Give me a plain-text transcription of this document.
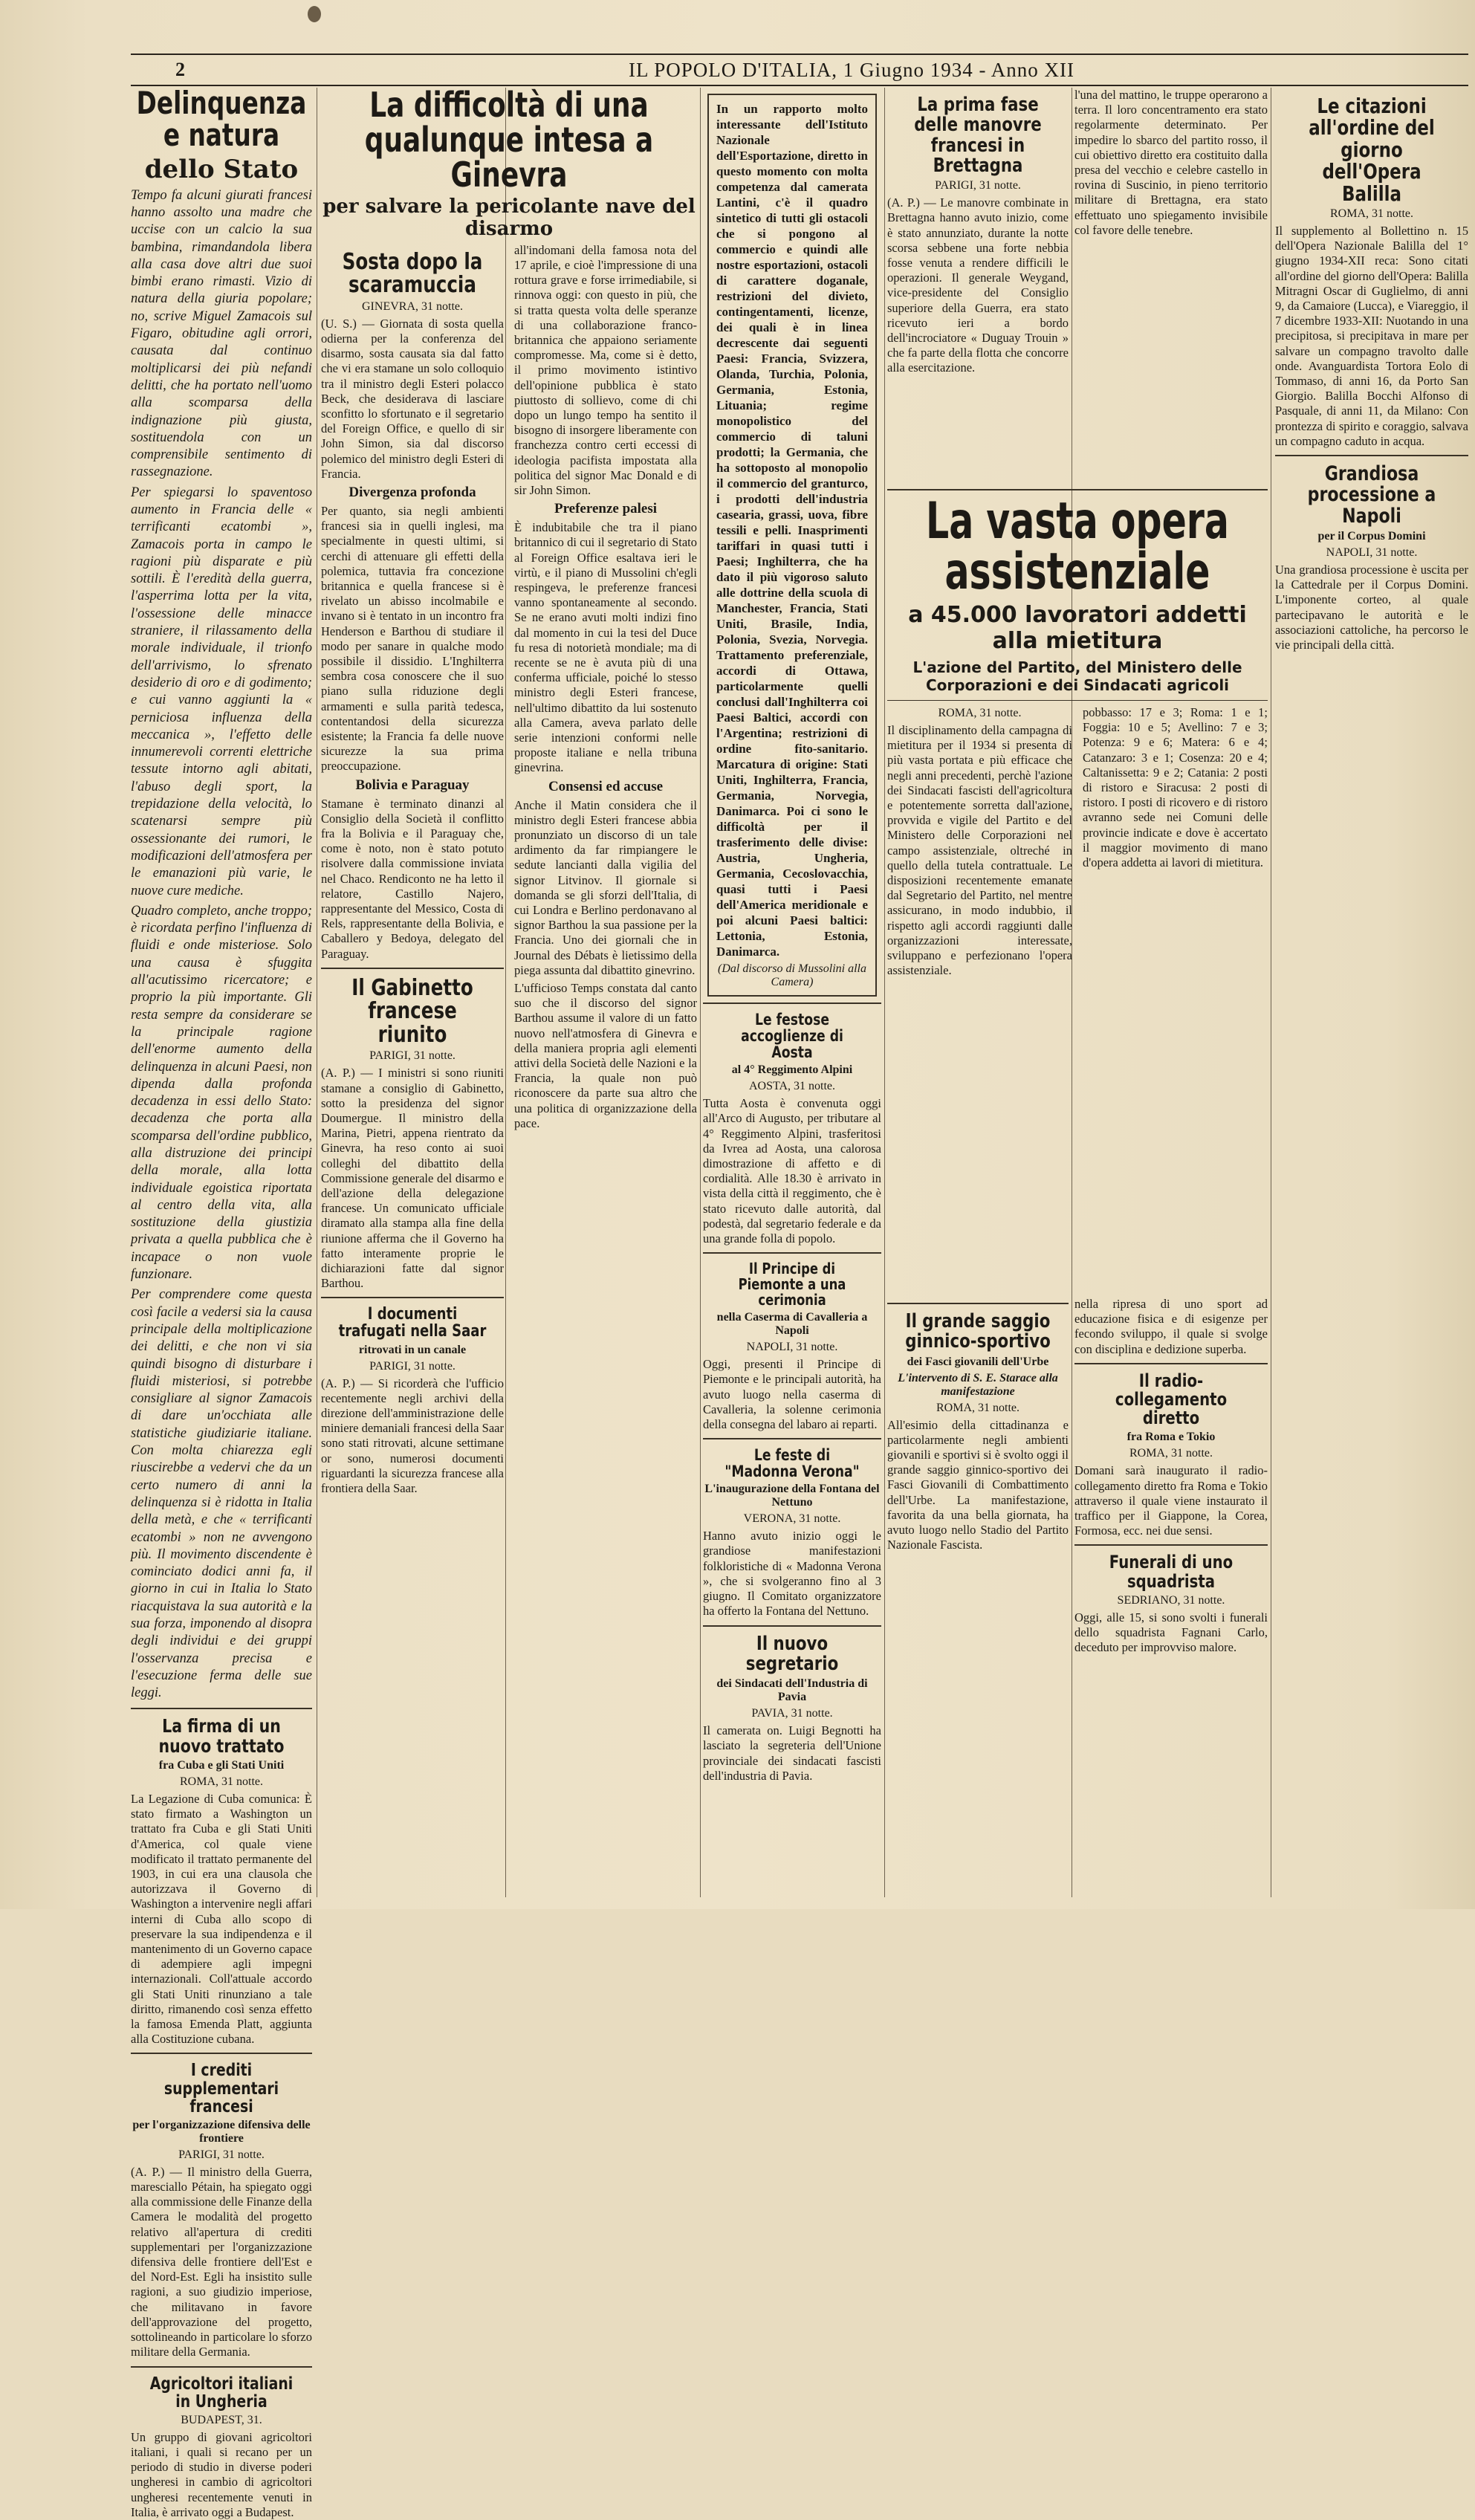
2	IL POPOLO D'ITALIA, 1 Giugno 1934 - Anno XII
Delinquenza e natura
dello Stato

Tempo fa alcuni giurati francesi hanno assolto una madre che uccise con un calcio la sua bambina, rimandandola libera alla casa dove altri due suoi bimbi erano rimasti. Vizio di natura della giuria popolare; no, scrive Miguel Zamacois sul Figaro, obitudine agli orrori, causata dal continuo moltiplicarsi dei più nefandi delitti, che ha portato nell'uomo alla scomparsa della indignazione più giusta, sostituendola con un comprensibile sentimento di rassegnazione.

Per spiegarsi lo spaventoso aumento in Francia delle « terrificanti ecatombi », Zamacois porta in campo le ragioni più disparate e più sottili. È l'eredità della guerra, l'asperrima lotta per la vita, l'ossessione delle minacce straniere, il rilassamento della morale individuale, il trionfo dell'arrivismo, lo sfrenato desiderio di oro e di godimento; e cui vanno aggiunti la « perniciosa influenza della meccanica », l'effetto delle innumerevoli correnti elettriche tessute intorno agli abitati, l'abuso degli sport, la trepidazione della velocità, lo scatenarsi sempre più ossessionante dei rumori, le modificazioni dell'atmosfera per le emanazioni più varie, le nuove cure mediche.

Quadro completo, anche troppo; è ricordata perfino l'influenza di fluidi e onde misteriose. Solo una causa è sfuggita all'acutissimo ricercatore; e proprio la più importante. Gli resta sempre da considerare se la principale ragione dell'enorme aumento della delinquenza in alcuni Paesi, non dipenda dalla profonda decadenza in essi dello Stato: decadenza che porta alla scomparsa dell'ordine pubblico, alla distruzione dei principi della morale, alla lotta individuale egoistica riportata al centro della vita, alla sostituzione della giustizia privata a quella pubblica che è incapace o non vuole funzionare.

Per comprendere come questa così facile a vedersi sia la causa principale della moltiplicazione dei delitti, e che non vi sia quindi bisogno di disturbare i fluidi misteriosi, si potrebbe consigliare al signor Zamacois di dare un'occhiata alle statistiche giudiziarie italiane. Con molta chiarezza egli riuscirebbe a vedervi che da un certo numero di anni la delinquenza si è ridotta in Italia della metà, e che « terrificanti ecatombi » non ne avvengono più. Il movimento discendente è cominciato dodici anni fa, il giorno in cui in Italia lo Stato riacquistava la sua autorità e la sua forza, imponendo al disopra degli individui e dei gruppi l'osservanza precisa e l'esecuzione ferma delle sue leggi.

La firma di un nuovo trattato
fra Cuba e gli Stati Uniti
ROMA, 31 notte.

La Legazione di Cuba comunica: È stato firmato a Washington un trattato fra Cuba e gli Stati Uniti d'America, col quale viene modificato il trattato permanente del 1903, in cui era una clausola che autorizzava il Governo di Washington a intervenire negli affari interni di Cuba allo scopo di preservare la sua indipendenza e il mantenimento di un Governo capace di adempiere agli impegni internazionali. Coll'attuale accordo gli Stati Uniti rinunziano a tale diritto, rimanendo così senza effetto la famosa Emenda Platt, aggiunta alla Costituzione cubana.

I crediti supplementari francesi
per l'organizzazione difensiva delle frontiere
PARIGI, 31 notte.

(A. P.) — Il ministro della Guerra, maresciallo Pétain, ha spiegato oggi alla commissione delle Finanze della Camera le modalità del progetto relativo all'apertura di crediti supplementari per l'organizzazione difensiva delle frontiere dell'Est e del Nord-Est. Egli ha insistito sulle ragioni, a suo giudizio imperiose, che militavano in favore dell'approvazione del progetto, sottolineando in particolare lo sforzo militare della Germania.

Agricoltori italiani in Ungheria
BUDAPEST, 31.

Un gruppo di giovani agricoltori italiani, i quali si recano per un periodo di studio in diverse poderi ungheresi in cambio di agricoltori ungheresi recentemente venuti in Italia, è arrivato oggi a Budapest.

La difficoltà di una qualunque intesa a Ginevra
per salvare la pericolante nave del disarmo
Sosta dopo la scaramuccia
GINEVRA, 31 notte.

(U. S.) — Giornata di sosta quella odierna per la conferenza del disarmo, sosta causata sia dal fatto che vi era stamane un solo colloquio tra il ministro degli Esteri polacco Beck, che desiderava di lasciare sconfitto lo sfortunato e il segretario del Foreign Office, e quello di sir John Simon, sia dal discorso polemico del ministro degli Esteri di Francia.

Divergenza profonda

Per quanto, sia negli ambienti francesi sia in quelli inglesi, ma specialmente in questi ultimi, si cerchi di attenuare gli effetti della polemica, tuttavia fra concezione britannica e quella francese si è rivelato un abisso incolmabile e invano si è tentato in un incontro fra Henderson e Barthou di studiare il modo per sanare in qualche modo possibile il dissidio. L'Inghilterra sembra cosa conoscere che il suo piano sulla riduzione degli armamenti e sulla parità tedesca, contentandosi della sicurezza esistente; la Francia fa delle nuove sicurezze la sua prima preoccupazione.

Bolivia e Paraguay

Stamane è terminato dinanzi al Consiglio della Società il conflitto fra la Bolivia e il Paraguay che, come è noto, non è stato potuto risolvere dalla commissione inviata nel Chaco. Rendiconto ne ha letto il relatore, Castillo Najero, rappresentante del Messico, Costa di Rels, rappresentante della Bolivia, e Caballero y Bedoya, delegato del Paraguay.

Il Gabinetto francese riunito
PARIGI, 31 notte.

(A. P.) — I ministri si sono riuniti stamane a consiglio di Gabinetto, sotto la presidenza del signor Doumergue. Il ministro della Marina, Pietri, appena rientrato da Ginevra, ha reso conto ai suoi colleghi del dibattito della Commissione generale del disarmo e dell'azione della delegazione francese. Un comunicato ufficiale diramato alla stampa alla fine della riunione afferma che il Governo ha fatto interamente proprie le dichiarazioni fatte dal signor Barthou.

I documenti trafugati nella Saar
ritrovati in un canale
PARIGI, 31 notte.

(A. P.) — Si ricorderà che l'ufficio recentemente negli archivi della direzione dell'amministrazione delle miniere demaniali francesi della Saar sono stati ritrovati, alcune settimane or sono, numerosi documenti riguardanti la sicurezza francese alla frontiera della Saar.

all'indomani della famosa nota del 17 aprile, e cioè l'impressione di una rottura grave e forse irrimediabile, si rinnova oggi: con questo in più, che si tratta questa volta delle speranze di una collaborazione franco-britannica che appaiono seriamente compromesse. Ma, come si è detto, il primo movimento istintivo dell'opinione pubblica è stato piuttosto di sollievo, come di chi dopo un lungo tempo ha sentito il bisogno di insorgere liberamente con franchezza contro certi eccessi di ideologia pacifista impostata alla politica del signor Mac Donald e di sir John Simon.

Preferenze palesi

È indubitabile che tra il piano britannico di cui il segretario di Stato al Foreign Office esaltava ieri le virtù, e il piano di Mussolini ch'egli respingeva, le preferenze francesi vanno spontaneamente al secondo. Se ne erano avuti molti indizi fino dal momento in cui la tesi del Duce fu resa di notorietà mondiale; ma di recente se ne è avuta più di una conferma ufficiale, poiché lo stesso ministro degli Esteri francese, nell'ultimo dibattito da lui sostenuto alla Camera, aveva parlato delle serie intenzioni conformi nelle proposte italiane e nella tribuna ginevrina.

Consensi ed accuse

Anche il Matin considera che il ministro degli Esteri francese abbia pronunziato un discorso di un tale ardimento da far rimpiangere le sedute lancianti dalla vigilia del signor Litvinov. Il giornale si domanda se gli sforzi dell'Italia, di cui Londra e Berlino perdonavano al signor Barthou la sua passione per la Francia. Uno dei giornali che in Journal des Débats è lietissimo della piega assunta dal dibattito ginevrino.

L'ufficioso Temps constata dal canto suo che il discorso del signor Barthou assume il valore di un fatto nuovo nell'atmosfera di Ginevra e della maniera propria agli elementi attivi della Società delle Nazioni e la Francia, la quale non può riconoscere da parte sua altro che una politica di organizzazione della pace.

In un rapporto molto interessante dell'Istituto Nazionale dell'Esportazione, diretto in questo momento con molta competenza dal camerata Lantini, c'è il quadro sintetico di tutti gli ostacoli che si pongono al commercio e quindi alle nostre esportazioni, ostacoli di carattere doganale, restrizioni del divieto, contingentamenti, licenze, dei quali è in linea decrescente dai seguenti Paesi: Francia, Svizzera, Olanda, Turchia, Polonia, Germania, Estonia, Lituania; regime monopolistico del commercio di taluni prodotti; la Germania, che ha sottoposto al monopolio il commercio del granturco, i prodotti dell'industria casearia, grassi, uova, fibre tessili e pelli. Inasprimenti tariffari in quasi tutti i Paesi; Inghilterra, che ha dato il più vigoroso saluto alle dottrine della scuola di Manchester, Francia, Stati Uniti, Brasile, India, Polonia, Svezia, Norvegia. Trattamento preferenziale, accordi di Ottawa, particolarmente quelli conclusi dall'Inghilterra coi Paesi Baltici, accordi con l'Argentina; restrizioni di ordine fito-sanitario. Marcatura di origine: Stati Uniti, Inghilterra, Francia, Germania, Norvegia, Danimarca. Poi ci sono le difficoltà per il trasferimento delle divise: Austria, Ungheria, Germania, Cecoslovacchia, quasi tutti i Paesi dell'America meridionale e poi alcuni Paesi baltici: Lettonia, Estonia, Danimarca.

(Dal discorso di Mussolini alla Camera)
Le festose accoglienze di Aosta
al 4° Reggimento Alpini
AOSTA, 31 notte.

Tutta Aosta è convenuta oggi all'Arco di Augusto, per tributare al 4° Reggimento Alpini, trasferitosi da Ivrea ad Aosta, una calorosa dimostrazione di affetto e di cordialità. Alle 18.30 è arrivato in vista della città il reggimento, che è stato ricevuto dalle autorità, dal podestà, dal segretario federale e da una grande folla di popolo.

Il Principe di Piemonte a una cerimonia
nella Caserma di Cavalleria a Napoli
NAPOLI, 31 notte.

Oggi, presenti il Principe di Piemonte e le principali autorità, ha avuto luogo nella caserma di Cavalleria, la solenne cerimonia della consegna del labaro ai reparti.

Le feste di "Madonna Verona"
L'inaugurazione della Fontana del Nettuno
VERONA, 31 notte.

Hanno avuto inizio oggi le grandiose manifestazioni folkloristiche di « Madonna Verona », che si svolgeranno fino al 3 giugno. Il Comitato organizzatore ha offerto la Fontana del Nettuno.

Il nuovo segretario
dei Sindacati dell'Industria di Pavia
PAVIA, 31 notte.

Il camerata on. Luigi Begnotti ha lasciato la segreteria dell'Unione provinciale dei sindacati fascisti dell'industria di Pavia.

La prima fase delle manovre francesi in Brettagna
PARIGI, 31 notte.

(A. P.) — Le manovre combinate in Brettagna hanno avuto inizio, come è stato annunziato, durante la notte scorsa sebbene una forte nebbia fosse venuta a rendere difficili le operazioni. Il generale Weygand, vice-presidente del Consiglio superiore della Guerra, era stato ricevuto ieri a bordo dell'incrociatore « Duguay Trouin » che fa parte della flotta che concorre alla esercitazione.

l'una del mattino, le truppe operarono a terra. Il loro concentramento era stato regolarmente determinato. Per impedire lo sbarco del partito rosso, il cui obiettivo diretto era costituito dalla presa del vecchio e celebre castello in rovina di Suscinio, in pieno territorio militare di Brettagna, era stato effettuato uno spiegamento invisibile col favore delle tenebre.

La vasta opera assistenziale
a 45.000 lavoratori addetti alla mietitura
L'azione del Partito, del Ministero delle Corporazioni e dei Sindacati agricoli
ROMA, 31 notte.

Il disciplinamento della campagna di mietitura per il 1934 si presenta di più vasta portata e più efficace che negli anni precedenti, perchè l'azione dei Sindacati fascisti dell'agricoltura e potentemente sorretta dall'azione, provvida e vigile del Partito e del Ministero delle Corporazioni nel campo assistenziale, oltreché in quello della tutela contrattuale. Le disposizioni recentemente emanate dal Segretario del Partito, nel mentre assicurano, in modo indubbio, il rispetto agli accordi raggiunti dalle organizzazioni interessate, sviluppano e perfezionano l'opera assistenziale.

pobbasso: 17 e 3; Roma: 1 e 1; Foggia: 10 e 5; Avellino: 7 e 3; Potenza: 9 e 6; Matera: 6 e 4; Catanzaro: 3 e 1; Cosenza: 20 e 4; Caltanissetta: 9 e 2; Catania: 2 posti di ristoro e Siracusa: 2 posti di ristoro. I posti di ricovero e di ristoro avranno sede nei Comuni delle provincie indicate e dove è accertato il maggior movimento di mano d'opera addetta ai lavori di mietitura.

Il grande saggio ginnico-sportivo
dei Fasci giovanili dell'Urbe
L'intervento di S. E. Starace alla manifestazione
ROMA, 31 notte.

All'esimio della cittadinanza e particolarmente negli ambienti giovanili e sportivi si è svolto oggi il grande saggio ginnico-sportivo dei Fasci Giovanili di Combattimento dell'Urbe. La manifestazione, favorita da una bella giornata, ha avuto luogo nello Stadio del Partito Nazionale Fascista.

nella ripresa di uno sport ad educazione fisica e di esigenze per fecondo sviluppo, il quale si svolge con disciplina e dedizione superba.

Il radio-collegamento diretto
fra Roma e Tokio
ROMA, 31 notte.

Domani sarà inaugurato il radio-collegamento diretto fra Roma e Tokio attraverso il quale viene instaurato il traffico per il Giappone, la Corea, Formosa, ecc. nei due sensi.

Funerali di uno squadrista
SEDRIANO, 31 notte.

Oggi, alle 15, si sono svolti i funerali dello squadrista Fagnani Carlo, deceduto per improvviso malore.

Le citazioni all'ordine del giorno dell'Opera Balilla
ROMA, 31 notte.

Il supplemento al Bollettino n. 15 dell'Opera Nazionale Balilla del 1° giugno 1934-XII reca: Sono citati all'ordine del giorno dell'Opera: Balilla Mitragni Oscar di Guglielmo, di anni 9, da Camaiore (Lucca), e Viareggio, il 7 dicembre 1933-XII: Nuotando in una precipitosa, si precipitava in mare per salvare un compagno travolto dalle onde. Avanguardista Tortora Eolo di Tommaso, di anni 16, da Porto San Giorgio. Balilla Bocchi Alfonso di Pasquale, di anni 11, da Milano: Con prontezza di spirito e coraggio, salvava un compagno caduto in acqua.

Grandiosa processione a Napoli
per il Corpus Domini
NAPOLI, 31 notte.

Una grandiosa processione è uscita per la Cattedrale per il Corpus Domini. L'imponente corteo, al quale partecipavano le autorità e le associazioni cattoliche, ha percorso le vie principali della città.
